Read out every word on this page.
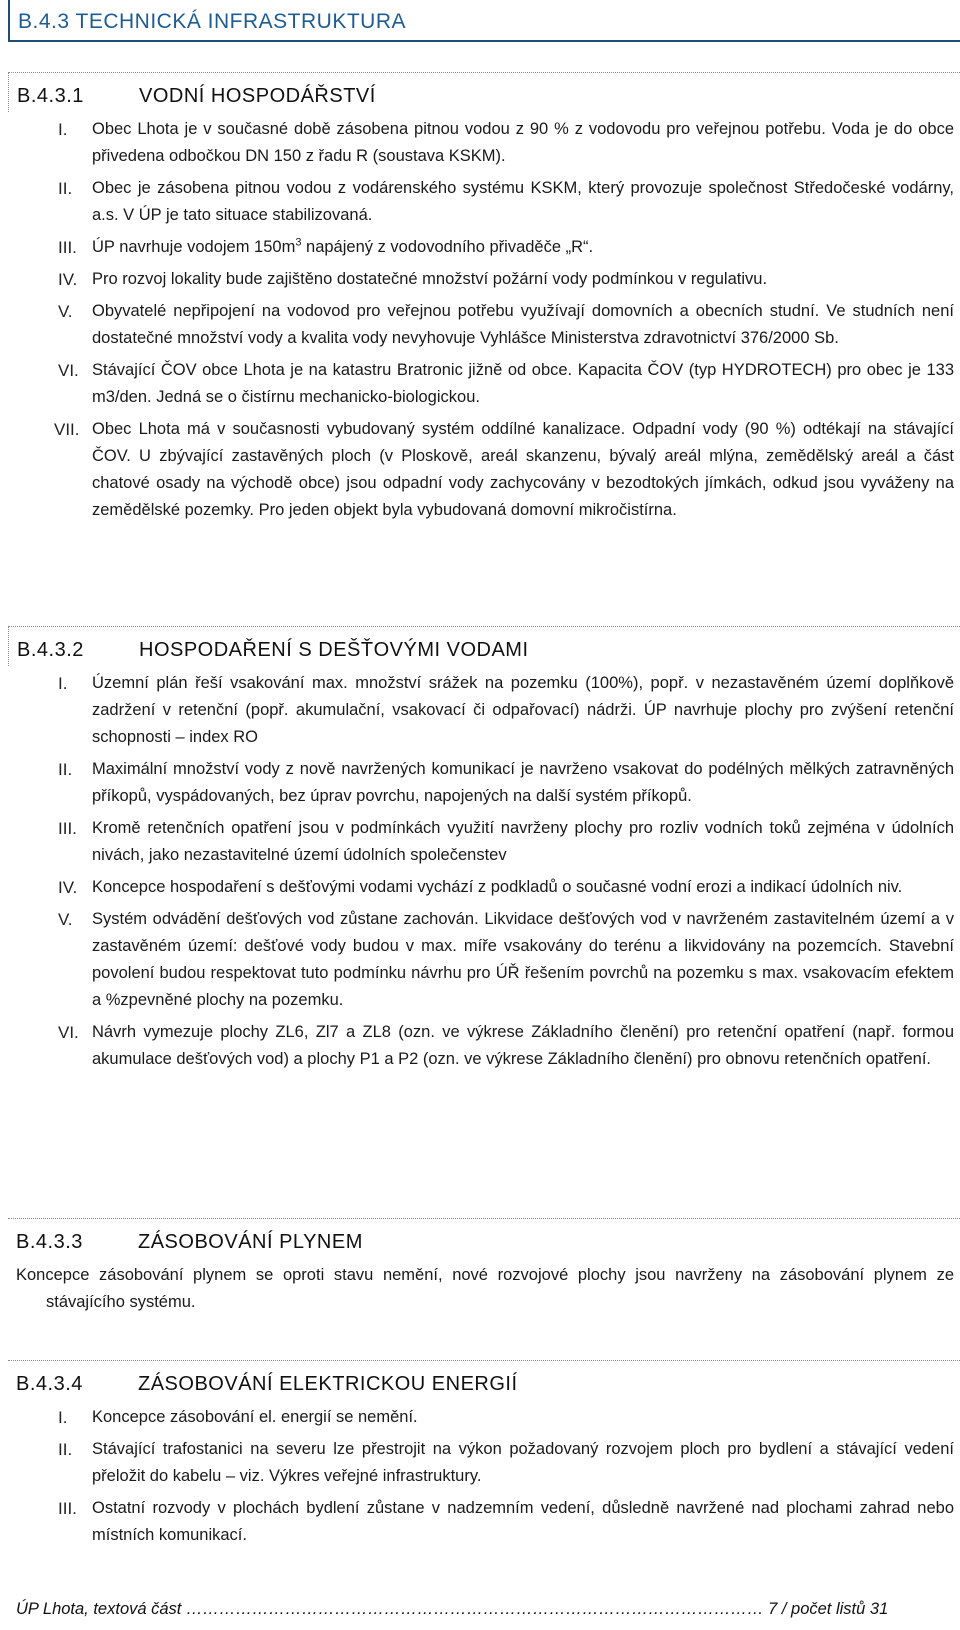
B.4.3 TECHNICKÁ INFRASTRUKTURA
B.4.3.1	VODNÍ HOSPODÁŘSTVÍ
I. Obec Lhota je v současné době zásobena pitnou vodou z 90 % z vodovodu pro veřejnou potřebu. Voda je do obce přivedena odbočkou DN 150 z řadu R (soustava KSKM).
II. Obec je zásobena pitnou vodou z vodárenského systému KSKM, který provozuje společnost Středočeské vodárny, a.s. V ÚP je tato situace stabilizovaná.
III. ÚP navrhuje vodojem $150m^3$ napájený z vodovodního přivaděče „R“.
IV. Pro rozvoj lokality bude zajištěno dostatečné množství požární vody podmínkou v regulativu.
V. Obyvatelé nepřipojení na vodovod pro veřejnou potřebu využívají domovních a obecních studní. Ve studních není dostatečné množství vody a kvalita vody nevyhovuje Vyhlášce Ministerstva zdravotnictví 376/2000 Sb.
VI. Stávající ČOV obce Lhota je na katastru Bratronic jižně od obce. Kapacita ČOV (typ HYDROTECH) pro obec je 133 m3/den. Jedná se o čistírnu mechanicko-biologickou.
VII. Obec Lhota má v současnosti vybudovaný systém oddílné kanalizace. Odpadní vody (90 %) odtékají na stávající ČOV. U zbývající zastavěných ploch (v Ploskově, areál skanzenu, bývalý areál mlýna, zemědělský areál a část chatové osady na východě obce) jsou odpadní vody zachycovány v bezodtokých jímkách, odkud jsou vyváženy na zemědělské pozemky. Pro jeden objekt byla vybudovaná domovní mikročistírna.
B.4.3.2	HOSPODAŘENÍ S DEŠŤOVÝMI VODAMI
I. Územní plán řeší vsakování max. množství srážek na pozemku (100%), popř. v nezastavěném území doplňkově zadržení v retenční (popř. akumulační, vsakovací či odpařovací) nádrži. ÚP navrhuje plochy pro zvýšení retenční schopnosti – index RO
II. Maximální množství vody z nově navržených komunikací je navrženo vsakovat do podélných mělkých zatravněných příkopů, vyspádovaných, bez úprav povrchu, napojených na další systém příkopů.
III. Kromě retenčních opatření jsou v podmínkách využití navrženy plochy pro rozliv vodních toků zejména v údolních nivách, jako nezastavitelné území údolních společenstev
IV. Koncepce hospodaření s dešťovými vodami vychází z podkladů o současné vodní erozi a indikací údolních niv.
V. Systém odvádění dešťových vod zůstane zachován. Likvidace dešťových vod v navrženém zastavitelném území a v zastavěném území: dešťové vody budou v max. míře vsakovány do terénu a likvidovány na pozemcích. Stavební povolení budou respektovat tuto podmínku návrhu pro ÚŘ řešením povrchů na pozemku s max. vsakovacím efektem a %zpevněné plochy na pozemku.
VI. Návrh vymezuje plochy ZL6, Zl7 a ZL8 (ozn. ve výkrese Základního členění) pro retenční opatření (např. formou akumulace dešťových vod) a plochy P1 a P2 (ozn. ve výkrese Základního členění) pro obnovu retenčních opatření.
B.4.3.3	ZÁSOBOVÁNÍ PLYNEM
Koncepce zásobování plynem se oproti stavu nemění, nové rozvojové plochy jsou navrženy na zásobování plynem ze stávajícího systému.
B.4.3.4	ZÁSOBOVÁNÍ ELEKTRICKOU ENERGIÍ
I. Koncepce zásobování el. energií se nemění.
II. Stávající trafostanici na severu lze přestrojit na výkon požadovaný rozvojem ploch pro bydlení a stávající vedení přeložit do kabelu – viz. Výkres veřejné infrastruktury.
III. Ostatní rozvody v plochách bydlení zůstane v nadzemním vedení, důsledně navržené nad plochami zahrad nebo místních komunikací.
ÚP Lhota, textová část …………………………………………………………………………………………… 7 / počet listů 31
